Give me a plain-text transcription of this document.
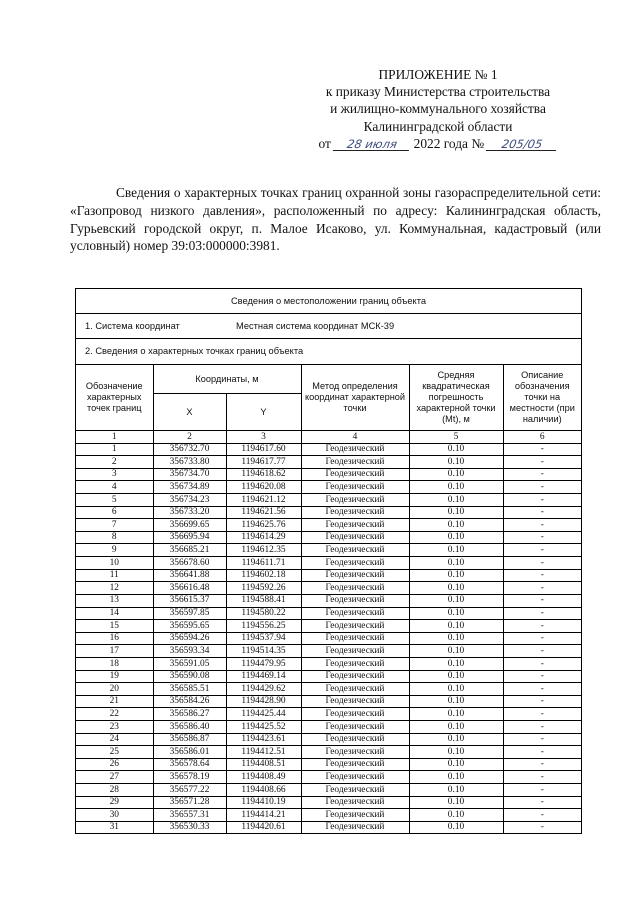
ПРИЛОЖЕНИЕ № 1
к приказу Министерства строительства
и жилищно-коммунального хозяйства
Калининградской области
от 28 июля 2022 года № 205/05

Сведения о характерных точках границ охранной зоны газораспределительной сети: «Газопровод низкого давления», расположенный по адресу: Калининградская область, Гурьевский городской округ, п. Малое Исаково, ул. Коммунальная, кадастровый (или условный) номер 39:03:000000:3981.

Сведения о местоположении границ объекта
1. Система координат	Местная система координат МСК-39
2. Сведения о характерных точках границ объекта
Обозначение характерных точек границ	Координаты, м		Метод определения координат характерной точки	Средняя квадратическая погрешность характерной точки (Mt), м	Описание обозначения точки на местности (при наличии)
	X	Y			
1	2	3	4	5	6
1	356732.70	1194617.60	Геодезический	0.10	-
2	356733.80	1194617.77	Геодезический	0.10	-
3	356734.70	1194618.62	Геодезический	0.10	-
4	356734.89	1194620.08	Геодезический	0.10	-
5	356734.23	1194621.12	Геодезический	0.10	-
6	356733.20	1194621.56	Геодезический	0.10	-
7	356699.65	1194625.76	Геодезический	0.10	-
8	356695.94	1194614.29	Геодезический	0.10	-
9	356685.21	1194612.35	Геодезический	0.10	-
10	356678.60	1194611.71	Геодезический	0.10	-
11	356641.88	1194602.18	Геодезический	0.10	-
12	356616.48	1194592.26	Геодезический	0.10	-
13	356615.37	1194588.41	Геодезический	0.10	-
14	356597.85	1194580.22	Геодезический	0.10	-
15	356595.65	1194556.25	Геодезический	0.10	-
16	356594.26	1194537.94	Геодезический	0.10	-
17	356593.34	1194514.35	Геодезический	0.10	-
18	356591.05	1194479.95	Геодезический	0.10	-
19	356590.08	1194469.14	Геодезический	0.10	-
20	356585.51	1194429.62	Геодезический	0.10	-
21	356584.26	1194428.90	Геодезический	0.10	-
22	356586.27	1194425.44	Геодезический	0.10	-
23	356586.40	1194425.52	Геодезический	0.10	-
24	356586.87	1194423.61	Геодезический	0.10	-
25	356586.01	1194412.51	Геодезический	0.10	-
26	356578.64	1194408.51	Геодезический	0.10	-
27	356578.19	1194408.49	Геодезический	0.10	-
28	356577.22	1194408.66	Геодезический	0.10	-
29	356571.28	1194410.19	Геодезический	0.10	-
30	356557.31	1194414.21	Геодезический	0.10	-
31	356530.33	1194420.61	Геодезический	0.10	-
